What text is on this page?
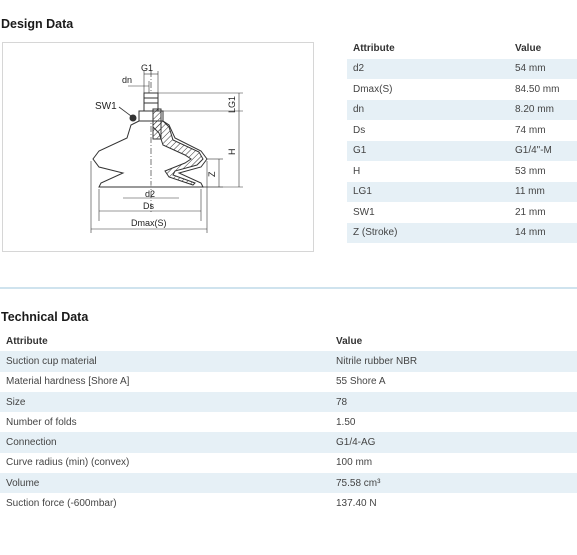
Design Data
G1
dn
SW1	LG1
H
Z
d2
Ds
Dmax(S)
Attribute	Value
d2	54 mm
Dmax(S)	84.50 mm
dn	8.20 mm
Ds	74 mm
G1	G1/4"-M
H	53 mm
LG1	11 mm
SW1	21 mm
Z (Stroke)	14 mm
Technical Data
Attribute	Value
Suction cup material	Nitrile rubber NBR
Material hardness [Shore A]	55 Shore A
Size	78
Number of folds	1.50
Connection	G1/4-AG
Curve radius (min) (convex)	100 mm
Volume	75.58 cm³
Suction force (-600mbar)	137.40 N
